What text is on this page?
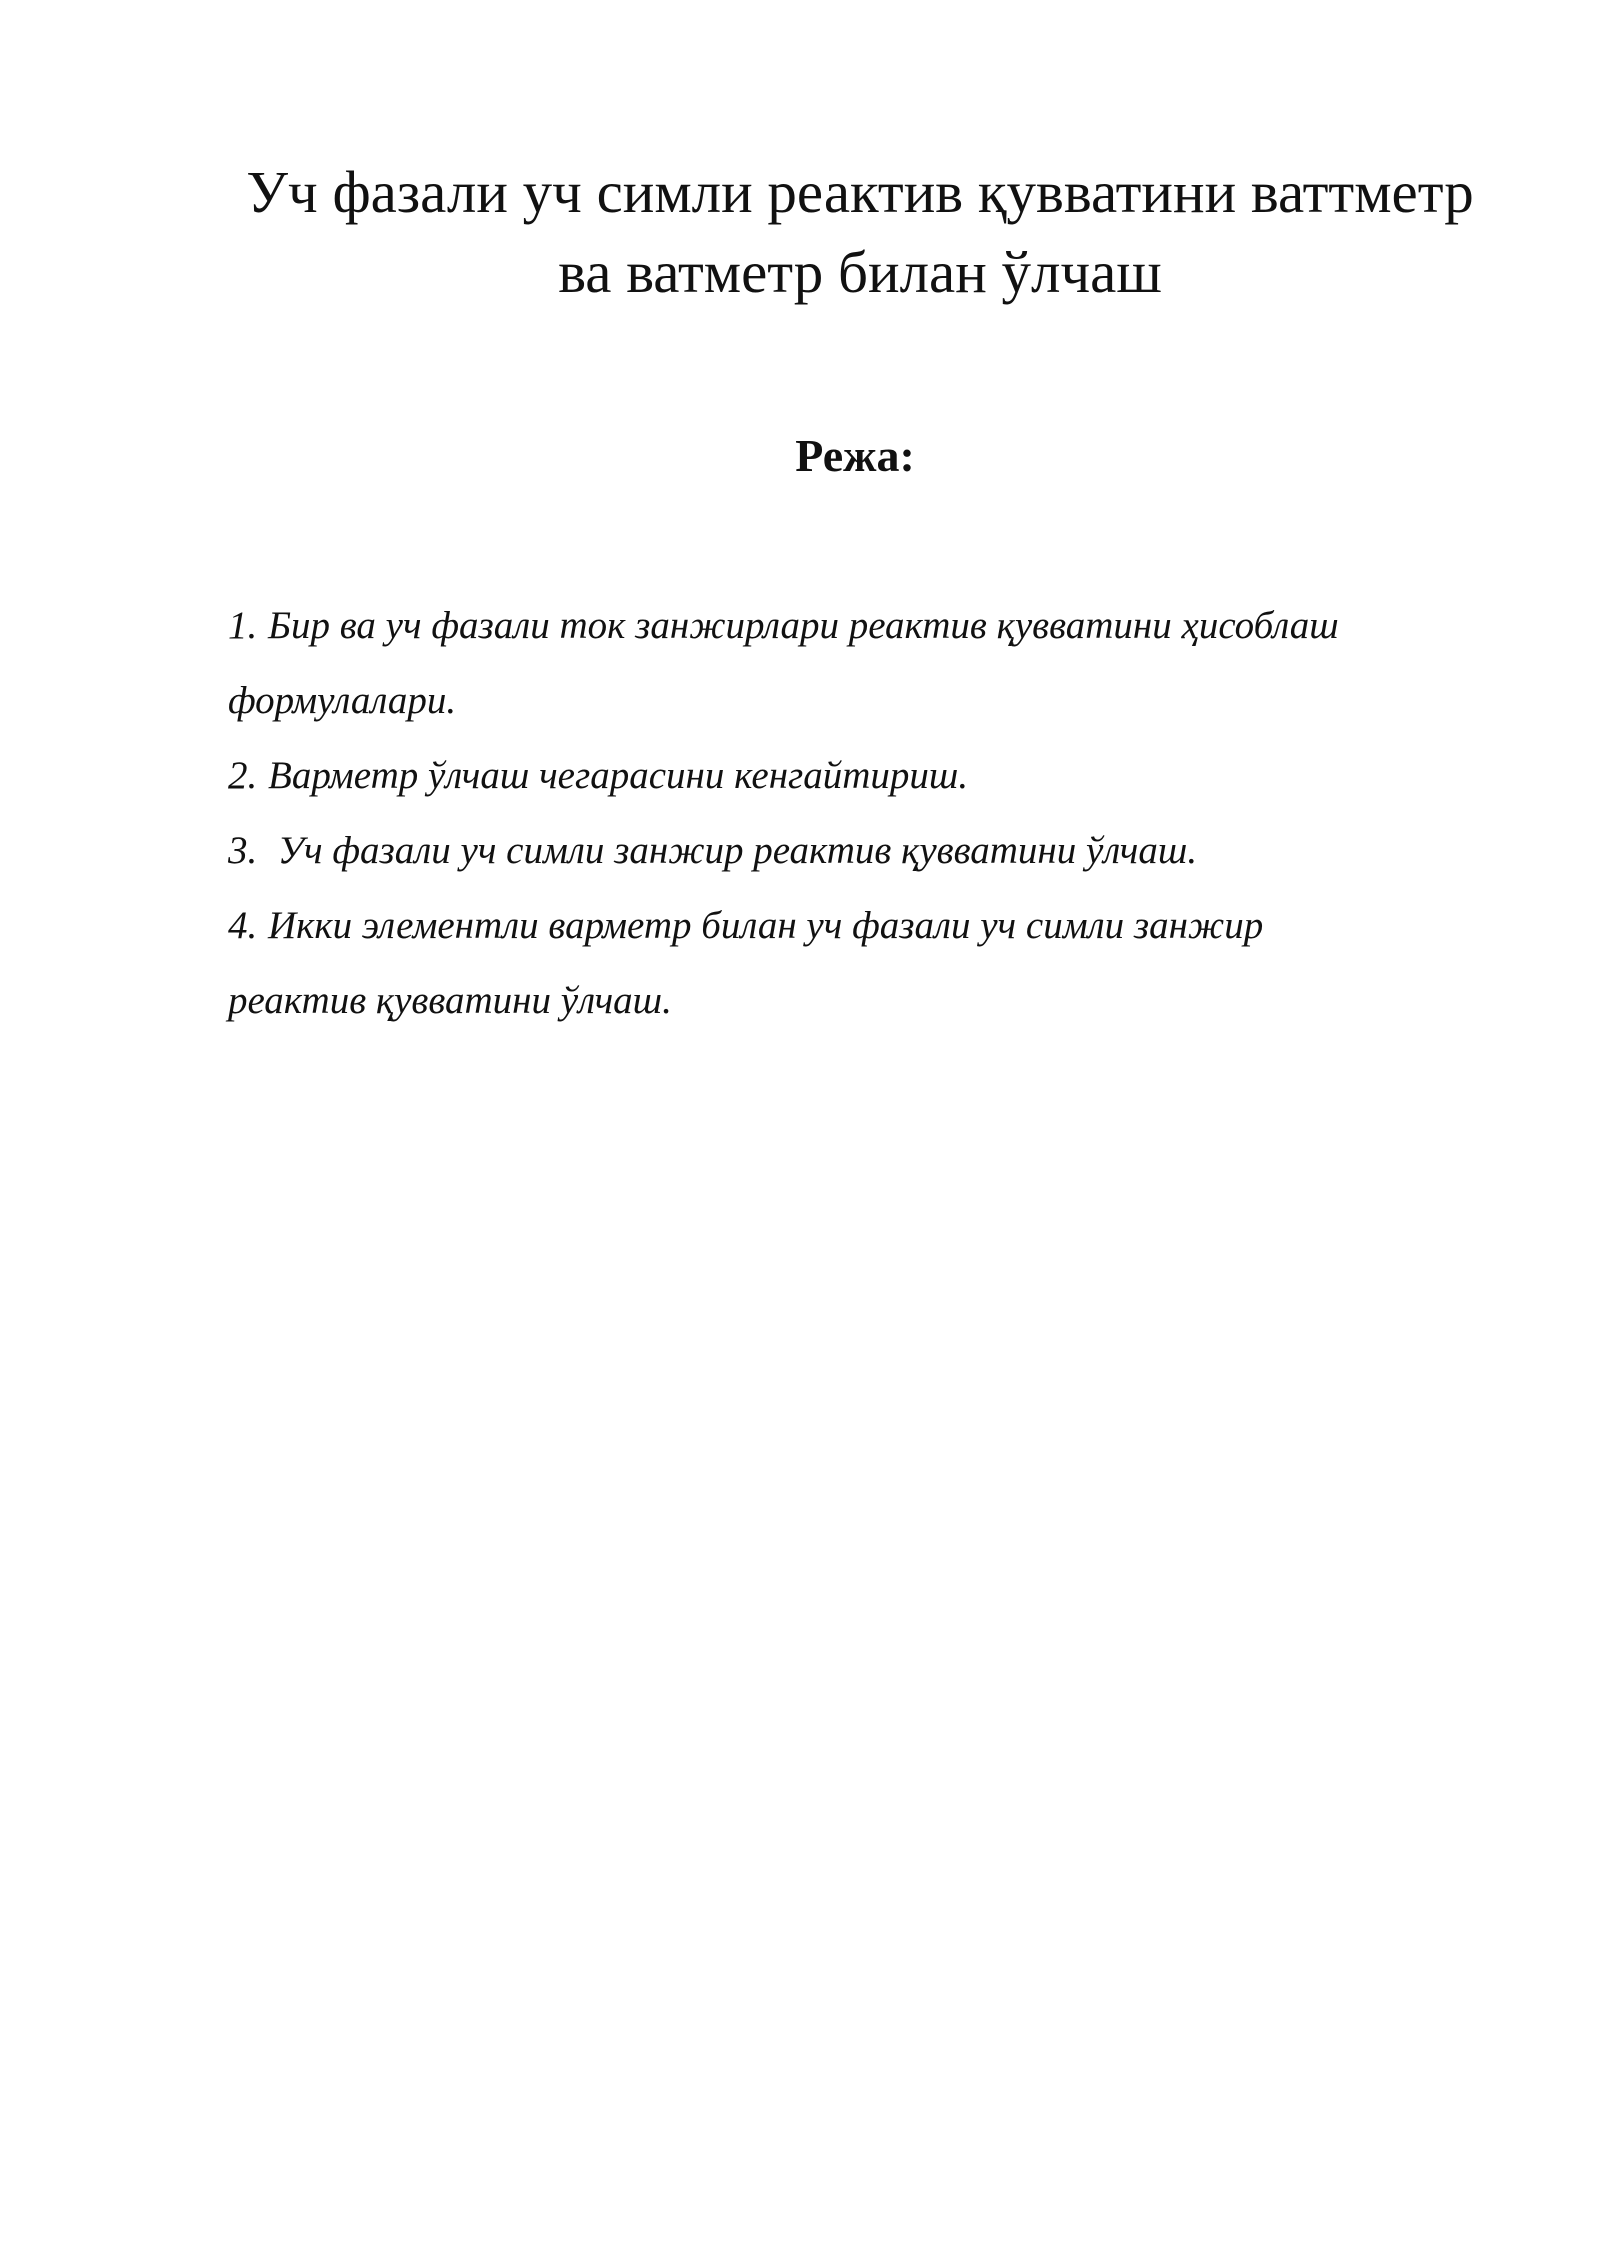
Уч фазали уч симли реактив қувватини ваттметр
ва ватметр билан ўлчаш
Режа:
1. Бир ва уч фазали ток занжирлари реактив қувватини ҳисоблаш
формулалари.
2. Варметр ўлчаш чегарасини кенгайтириш.
3. Уч фазали уч симли занжир реактив қувватини ўлчаш.
4. Икки элементли варметр билан уч фазали уч симли занжир
реактив қувватини ўлчаш.
